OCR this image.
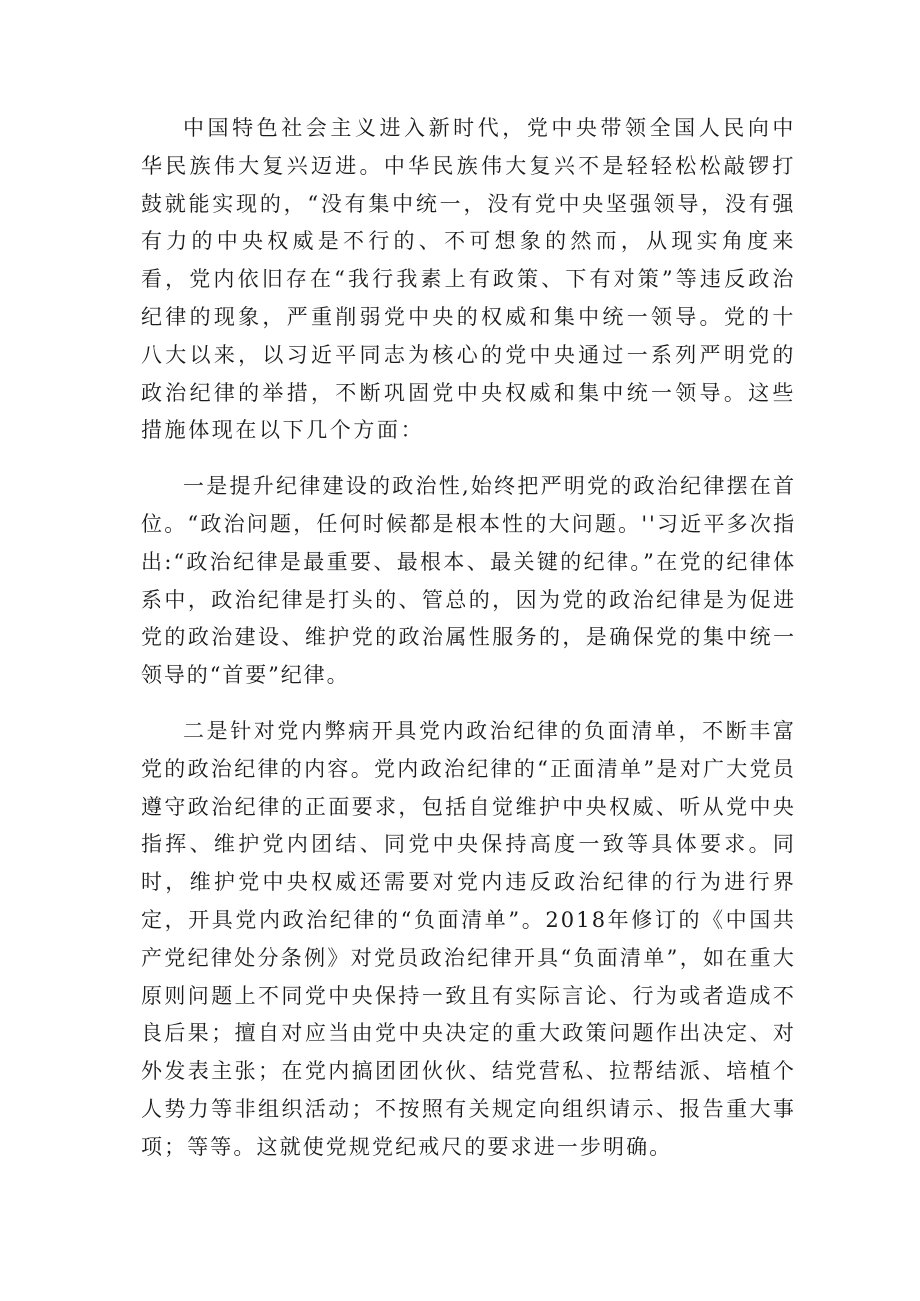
中国特色社会主义进入新时代，党中央带领全国人民向中华民族伟大复兴迈进。中华民族伟大复兴不是轻轻松松敲锣打鼓就能实现的，“没有集中统一，没有党中央坚强领导，没有强有力的中央权威是不行的、不可想象的然而，从现实角度来看，党内依旧存在“我行我素上有政策、下有对策”等违反政治纪律的现象，严重削弱党中央的权威和集中统一领导。党的十八大以来，以习近平同志为核心的党中央通过一系列严明党的政治纪律的举措，不断巩固党中央权威和集中统一领导。这些措施体现在以下几个方面：

一是提升纪律建设的政治性,始终把严明党的政治纪律摆在首位。“政治问题，任何时候都是根本性的大问题。''习近平多次指出:“政治纪律是最重要、最根本、最关键的纪律。”在党的纪律体系中，政治纪律是打头的、管总的，因为党的政治纪律是为促进党的政治建设、维护党的政治属性服务的，是确保党的集中统一领导的“首要”纪律。

二是针对党内弊病开具党内政治纪律的负面清单，不断丰富党的政治纪律的内容。党内政治纪律的“正面清单”是对广大党员遵守政治纪律的正面要求，包括自觉维护中央权威、听从党中央指挥、维护党内团结、同党中央保持高度一致等具体要求。同时，维护党中央权威还需要对党内违反政治纪律的行为进行界定，开具党内政治纪律的“负面清单”。2018年修订的《中国共产党纪律处分条例》对党员政治纪律开具“负面清单”，如在重大原则问题上不同党中央保持一致且有实际言论、行为或者造成不良后果；擅自对应当由党中央决定的重大政策问题作出决定、对外发表主张；在党内搞团团伙伙、结党营私、拉帮结派、培植个人势力等非组织活动；不按照有关规定向组织请示、报告重大事项；等等。这就使党规党纪戒尺的要求进一步明确。
